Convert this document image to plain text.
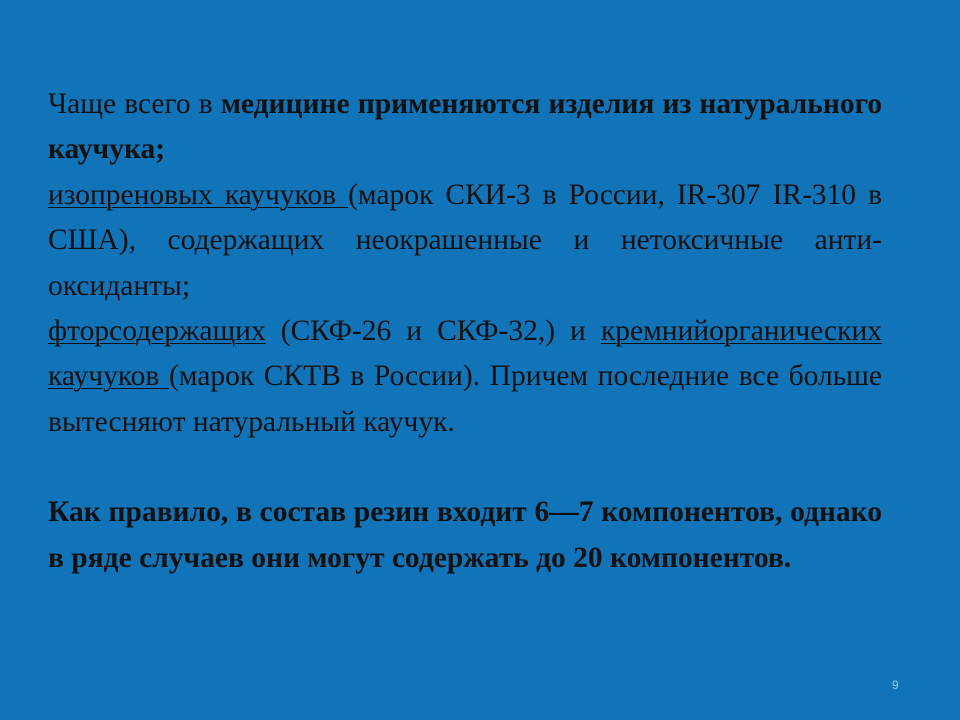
Чаще всего в медицине применяются изделия из натурального каучука;
изопреновых каучуков (марок СКИ-3 в России, IR-307 IR-310 в США), содержащих неокрашенные и нетоксичные анти- оксиданты;
фторсодержащих (СКФ-26 и СКФ-32,) и кремнийорганических каучуков (марок СКТВ в России). Причем последние все больше вытесняют натуральный каучук.

Как правило, в состав резин входит 6—7 компонентов, однако в ряде случаев они могут содержать до 20 компонентов.

9
